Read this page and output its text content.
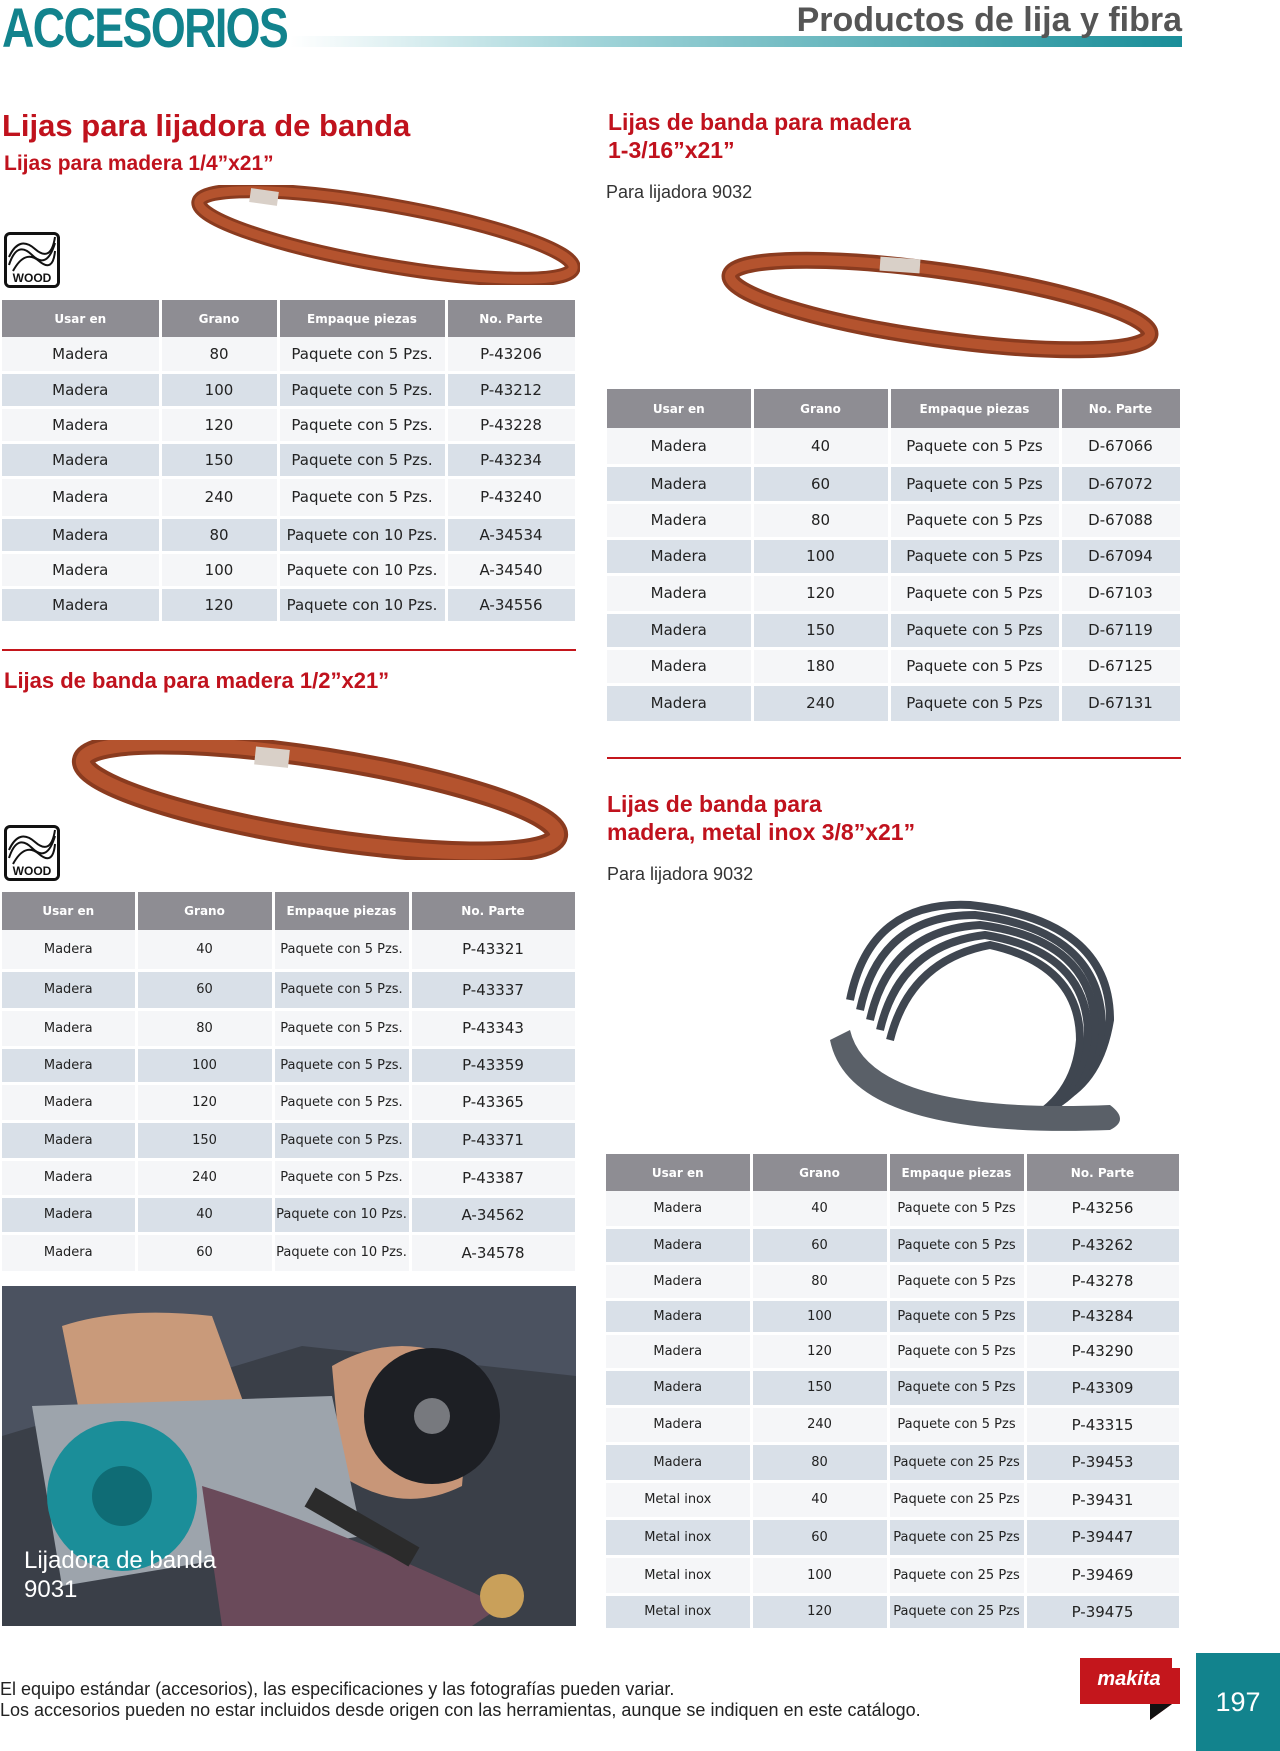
ACCESORIOS	Productos de lija y fibra
Lijas para lijadora de banda
Lijas para madera 1/4”x21”
WOOD
Usar en	Grano	Empaque piezas	No. Parte
Madera	80	Paquete con 5 Pzs.	P-43206
Madera	100	Paquete con 5 Pzs.	P-43212
Madera	120	Paquete con 5 Pzs.	P-43228
Madera	150	Paquete con 5 Pzs.	P-43234
Madera	240	Paquete con 5 Pzs.	P-43240
Madera	80	Paquete con 10 Pzs.	A-34534
Madera	100	Paquete con 10 Pzs.	A-34540
Madera	120	Paquete con 10 Pzs.	A-34556
Lijas de banda para madera
1-3/16”x21”
Para lijadora 9032
Usar en	Grano	Empaque piezas	No. Parte
Madera	40	Paquete con 5 Pzs	D-67066
Madera	60	Paquete con 5 Pzs	D-67072
Madera	80	Paquete con 5 Pzs	D-67088
Madera	100	Paquete con 5 Pzs	D-67094
Madera	120	Paquete con 5 Pzs	D-67103
Madera	150	Paquete con 5 Pzs	D-67119
Madera	180	Paquete con 5 Pzs	D-67125
Madera	240	Paquete con 5 Pzs	D-67131
Lijas de banda para madera 1/2”x21”
WOOD
Usar en	Grano	Empaque piezas	No. Parte
Madera	40	Paquete con 5 Pzs.	P-43321
Madera	60	Paquete con 5 Pzs.	P-43337
Madera	80	Paquete con 5 Pzs.	P-43343
Madera	100	Paquete con 5 Pzs.	P-43359
Madera	120	Paquete con 5 Pzs.	P-43365
Madera	150	Paquete con 5 Pzs.	P-43371
Madera	240	Paquete con 5 Pzs.	P-43387
Madera	40	Paquete con 10 Pzs.	A-34562
Madera	60	Paquete con 10 Pzs.	A-34578
Lijadora de banda
9031
Lijas de banda para
madera, metal inox 3/8”x21”
Para lijadora 9032
Usar en	Grano	Empaque piezas	No. Parte
Madera	40	Paquete con 5 Pzs	P-43256
Madera	60	Paquete con 5 Pzs	P-43262
Madera	80	Paquete con 5 Pzs	P-43278
Madera	100	Paquete con 5 Pzs	P-43284
Madera	120	Paquete con 5 Pzs	P-43290
Madera	150	Paquete con 5 Pzs	P-43309
Madera	240	Paquete con 5 Pzs	P-43315
Madera	80	Paquete con 25 Pzs	P-39453
Metal inox	40	Paquete con 25 Pzs	P-39431
Metal inox	60	Paquete con 25 Pzs	P-39447
Metal inox	100	Paquete con 25 Pzs	P-39469
Metal inox	120	Paquete con 25 Pzs	P-39475
El equipo estándar (accesorios), las especificaciones y las fotografías pueden variar.
Los accesorios pueden no estar incluidos desde origen con las herramientas, aunque se indiquen en este catálogo.
makita
197
